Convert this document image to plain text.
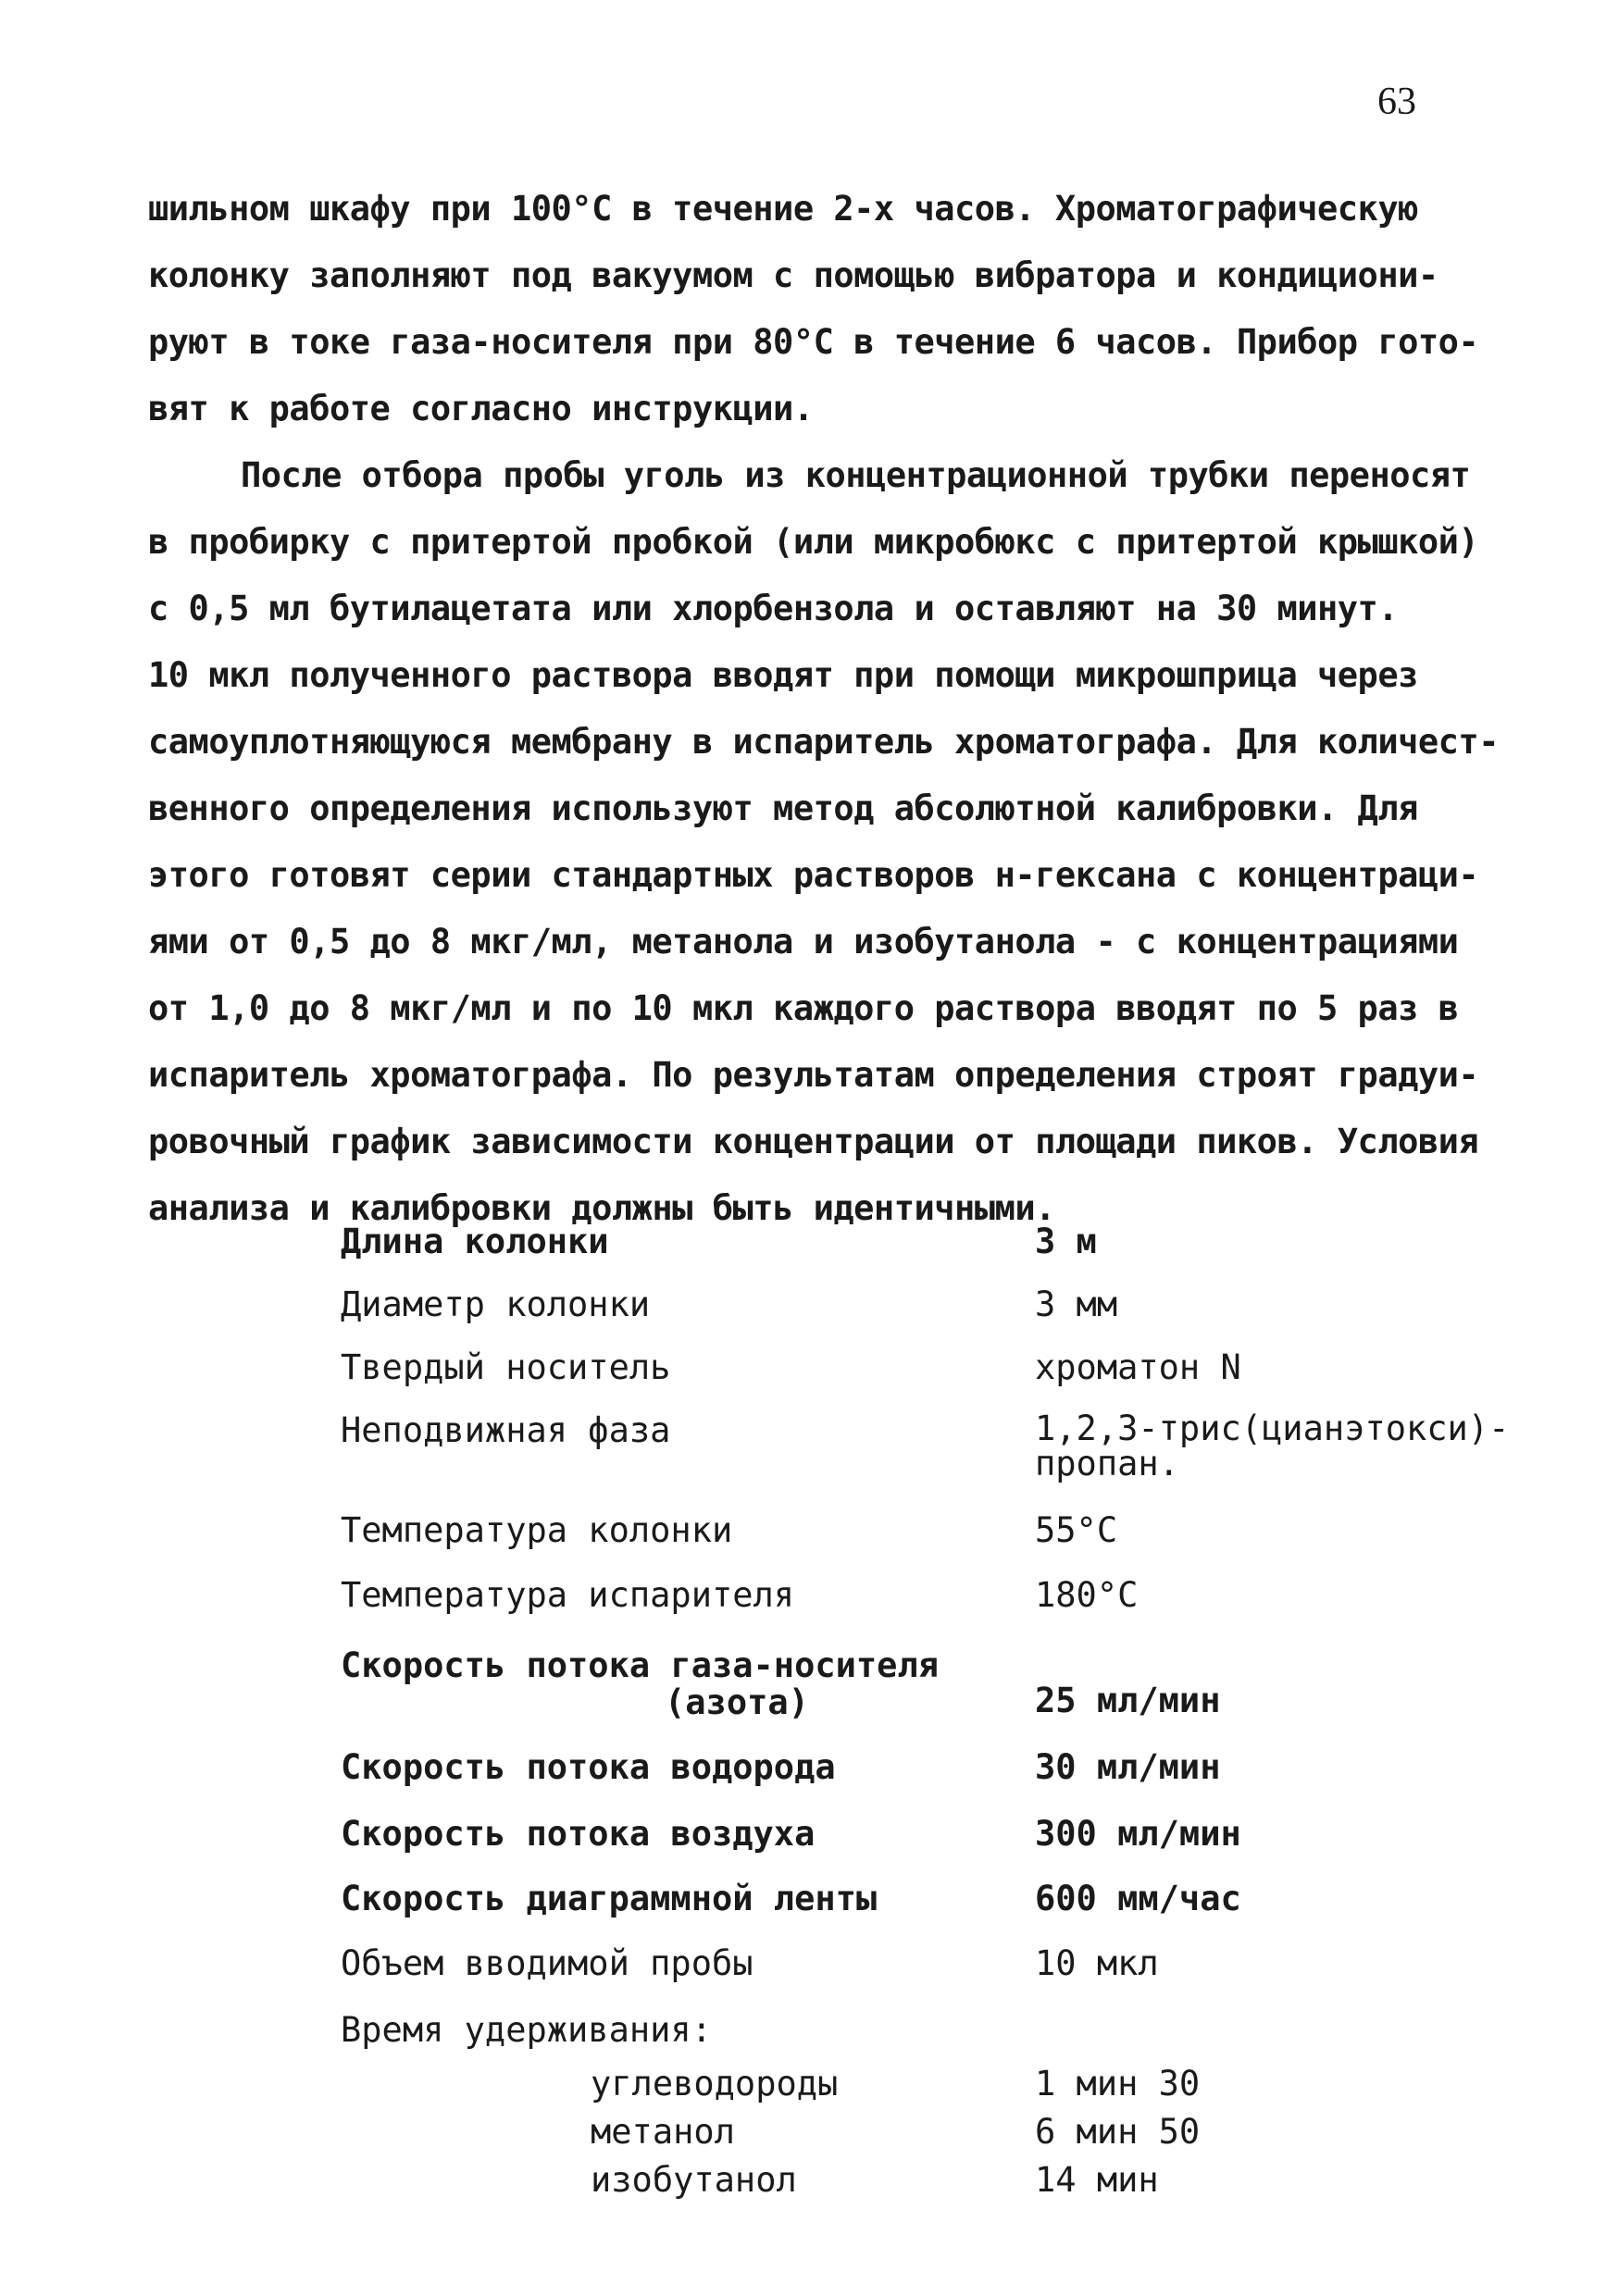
63
шильном шкафу при 100°С в течение 2-х часов. Хроматографическую
колонку заполняют под вакуумом с помощью вибратора и кондициони-
руют в токе газа-носителя при 80°С в течение 6 часов. Прибор гото-
вят к работе согласно инструкции.
После отбора пробы уголь из концентрационной трубки переносят
в пробирку с притертой пробкой (или микробюкс с притертой крышкой)
с 0,5 мл бутилацетата или хлорбензола и оставляют на 30 минут.
10 мкл полученного раствора вводят при помощи микрошприца через
самоуплотняющуюся мембрану в испаритель хроматографа. Для количест-
венного определения используют метод абсолютной калибровки. Для
этого готовят серии стандартных растворов н-гексана с концентраци-
ями от 0,5 до 8 мкг/мл, метанола и изобутанола - с концентрациями
от 1,0 до 8 мкг/мл и по 10 мкл каждого раствора вводят по 5 раз в
испаритель хроматографа. По результатам определения строят градуи-
ровочный график зависимости концентрации от площади пиков. Условия
анализа и калибровки должны быть идентичными.
Длина колонки	3 м
Диаметр колонки	3 мм
Твердый носитель	хроматон N
Неподвижная фаза	1,2,3-трис(цианэтокси)-
пропан.
Температура колонки	55°С
Температура испарителя	180°С
Скорость потока газа-носителя
(азота)	25 мл/мин
Скорость потока водорода	30 мл/мин
Скорость потока воздуха	300 мл/мин
Скорость диаграммной ленты	600 мм/час
Объем вводимой пробы	10 мкл
Время удерживания:
углеводороды	1 мин 30
метанол	6 мин 50
изобутанол	14 мин
